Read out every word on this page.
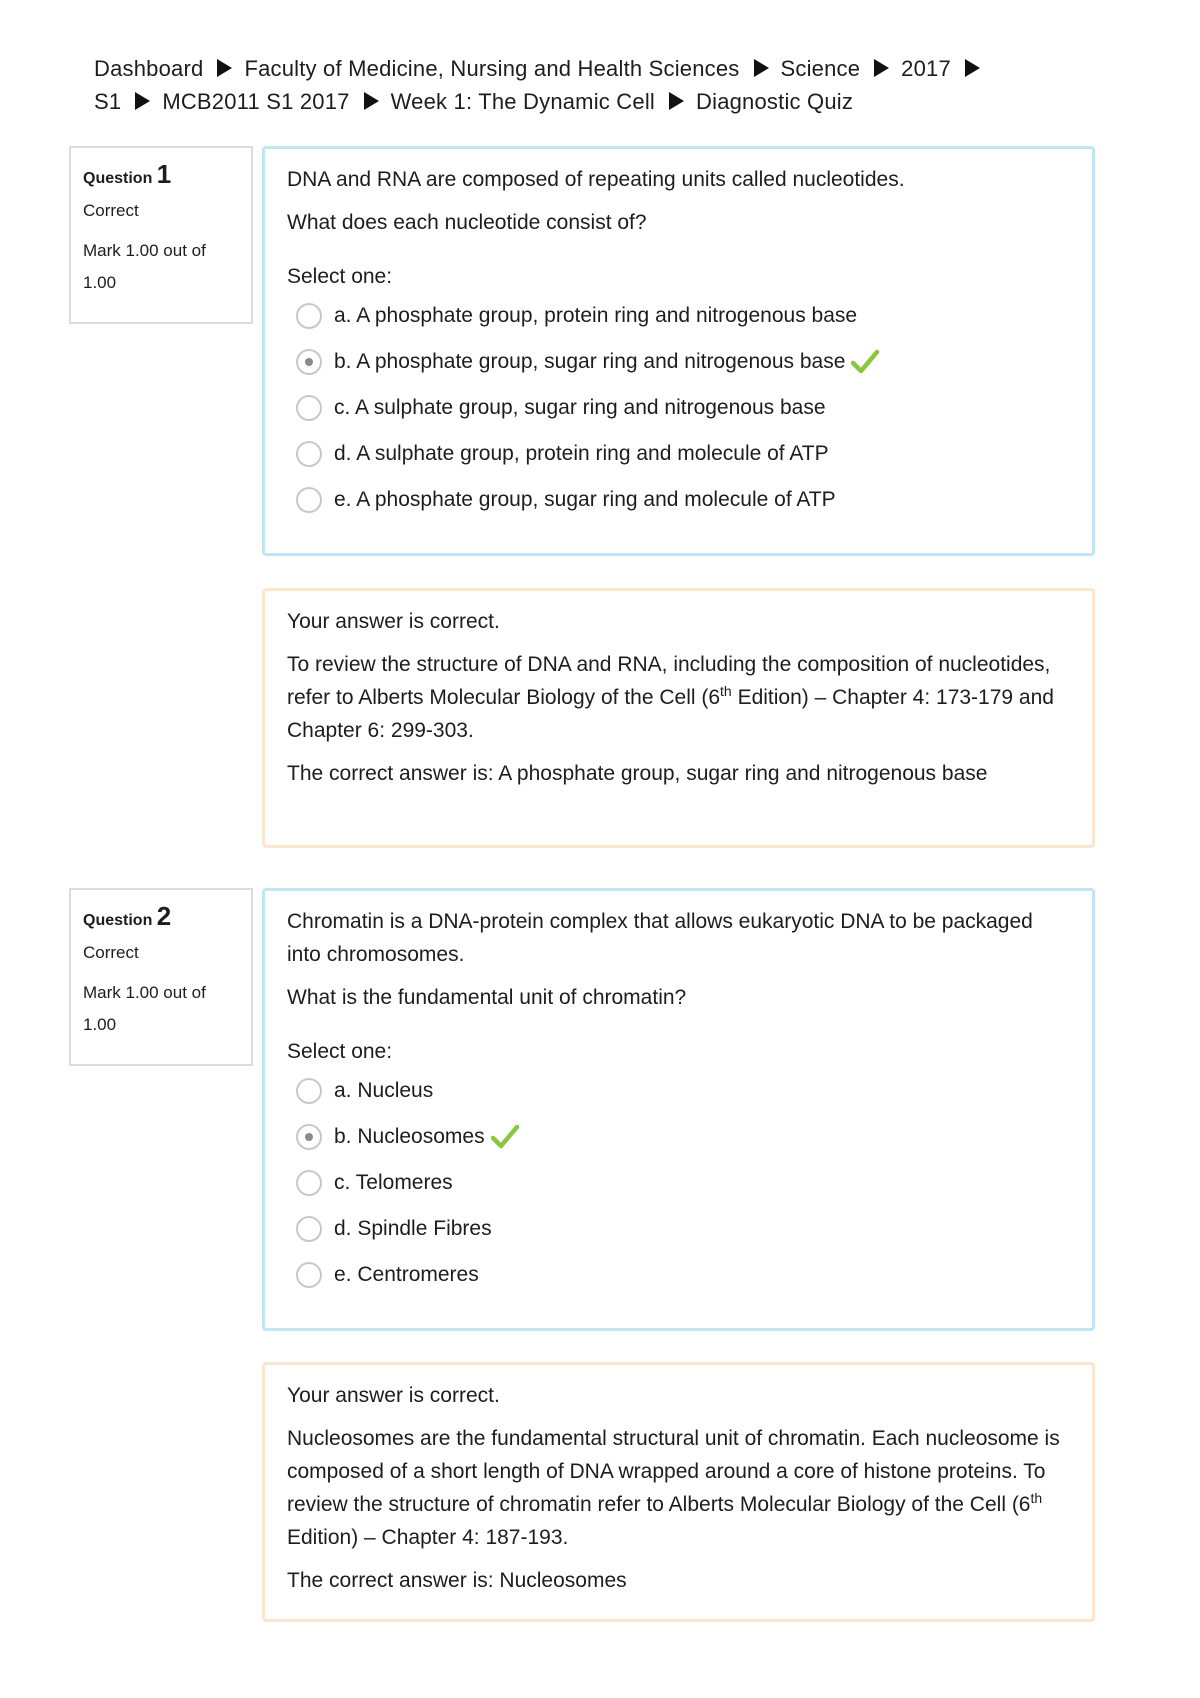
Dashboard Faculty of Medicine, Nursing and Health Sciences Science 2017
S1 MCB2011 S1 2017 Week 1: The Dynamic Cell Diagnostic Quiz
Question 1
Correct
Mark 1.00 out of 1.00

DNA and RNA are composed of repeating units called nucleotides.

What does each nucleotide consist of?

Select one:
a. A phosphate group, protein ring and nitrogenous base
b. A phosphate group, sugar ring and nitrogenous base
c. A sulphate group, sugar ring and nitrogenous base
d. A sulphate group, protein ring and molecule of ATP
e. A phosphate group, sugar ring and molecule of ATP

Your answer is correct.

To review the structure of DNA and RNA, including the composition of nucleotides, refer to Alberts Molecular Biology of the Cell (6th Edition) – Chapter 4: 173-179 and Chapter 6: 299-303.

The correct answer is: A phosphate group, sugar ring and nitrogenous base

Question 2
Correct
Mark 1.00 out of 1.00

Chromatin is a DNA-protein complex that allows eukaryotic DNA to be packaged into chromosomes.

What is the fundamental unit of chromatin?

Select one:
a. Nucleus
b. Nucleosomes
c. Telomeres
d. Spindle Fibres
e. Centromeres

Your answer is correct.

Nucleosomes are the fundamental structural unit of chromatin. Each nucleosome is composed of a short length of DNA wrapped around a core of histone proteins. To review the structure of chromatin refer to Alberts Molecular Biology of the Cell (6th Edition) – Chapter 4: 187-193.

The correct answer is: Nucleosomes
